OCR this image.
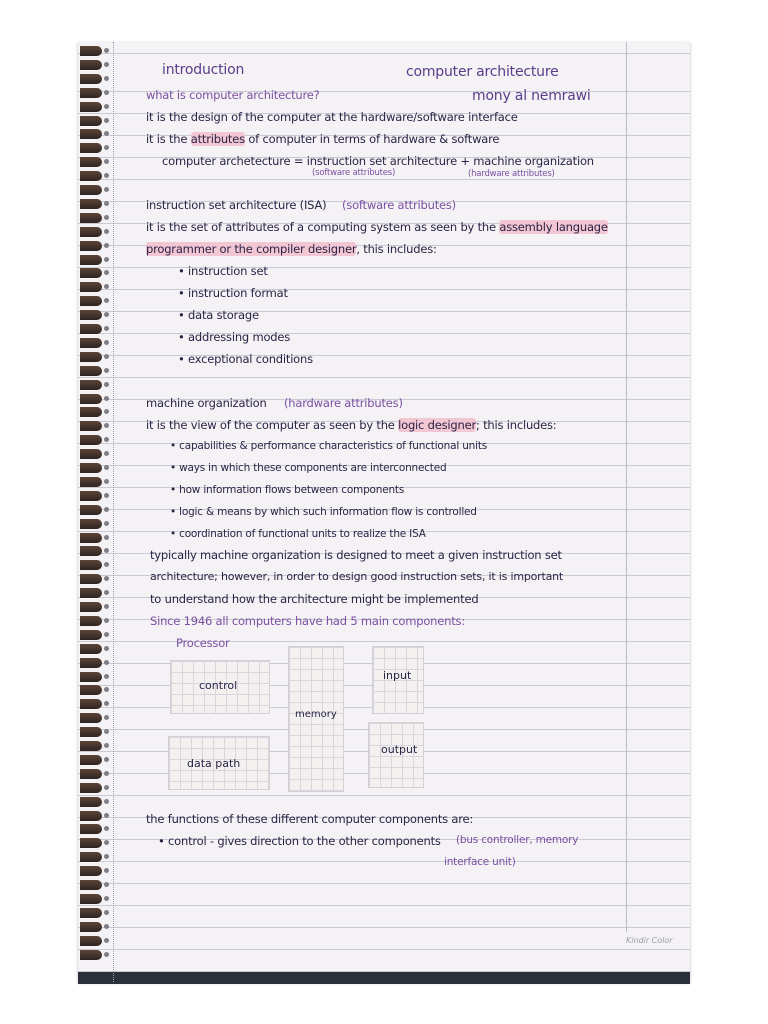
introduction	computer architecture
mony al nemrawi
what is computer architecture?
it is the design of the computer at the hardware/software interface
it is the attributes of computer in terms of hardware & software
computer archetecture = instruction set architecture + machine organization
(software attributes)	(hardware attributes)
instruction set architecture (ISA) (software attributes)
it is the set of attributes of a computing system as seen by the assembly language
programmer or the compiler designer, this includes:
• instruction set
• instruction format
• data storage
• addressing modes
• exceptional conditions
machine organization (hardware attributes)
it is the view of the computer as seen by the logic designer; this includes:
• capabilities & performance characteristics of functional units
• ways in which these components are interconnected
• how information flows between components
• logic & means by which such information flow is controlled
• coordination of functional units to realize the ISA
typically machine organization is designed to meet a given instruction set
architecture; however, in order to design good instruction sets, it is important
to understand how the architecture might be implemented
Since 1946 all computers have had 5 main components:
Processor
control
data path
memory
input
output
the functions of these different computer components are:
• control - gives direction to the other components (bus controller, memory
interface unit)
Kindir Color
